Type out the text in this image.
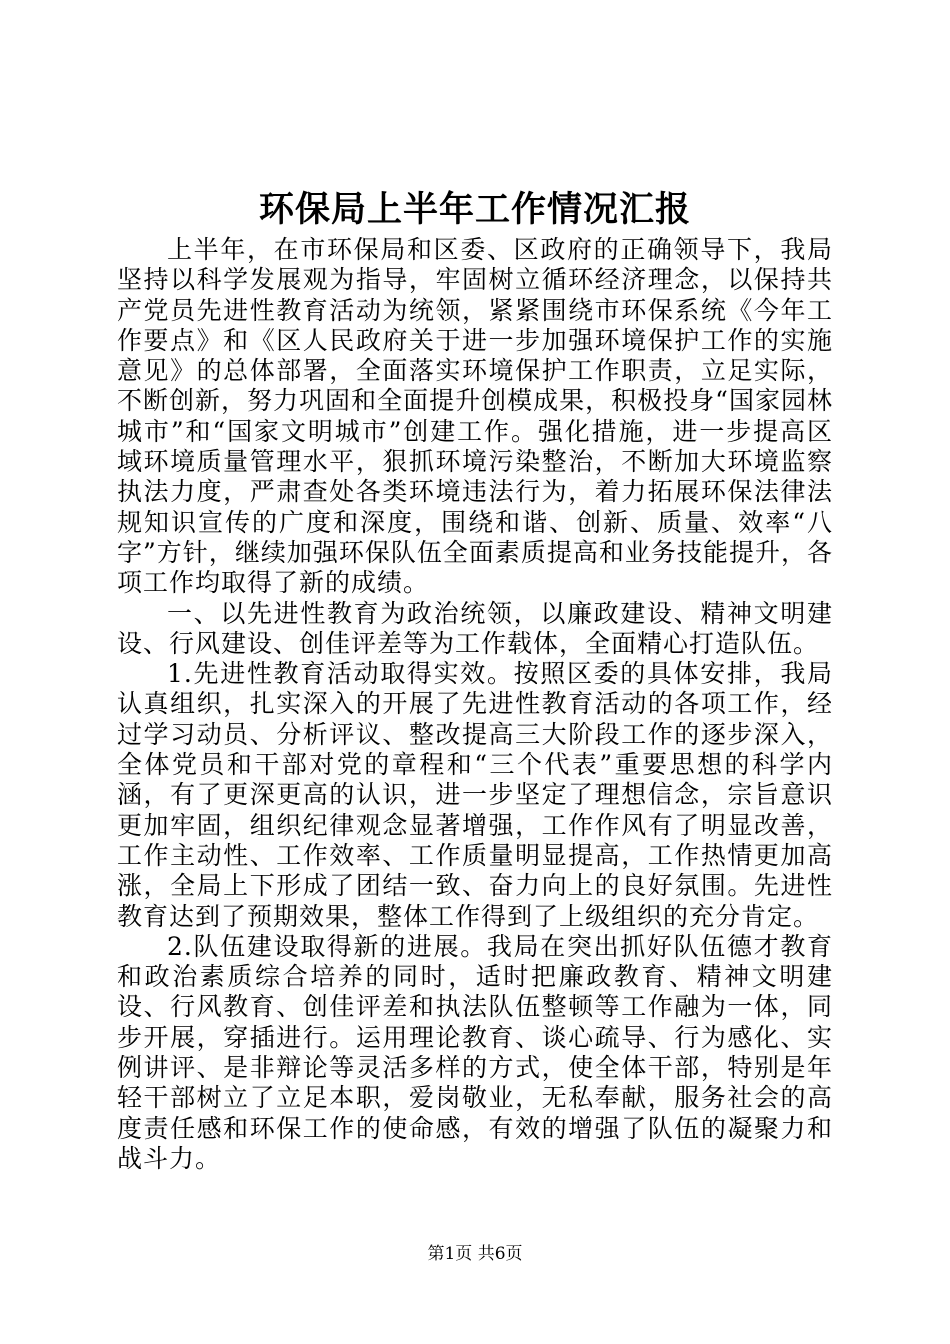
环保局上半年工作情况汇报

上半年，在市环保局和区委、区政府的正确领导下，我局坚持以科学发展观为指导，牢固树立循环经济理念，以保持共产党员先进性教育活动为统领，紧紧围绕市环保系统《今年工作要点》和《区人民政府关于进一步加强环境保护工作的实施意见》的总体部署，全面落实环境保护工作职责，立足实际，不断创新，努力巩固和全面提升创模成果，积极投身“国家园林城市”和“国家文明城市”创建工作。强化措施，进一步提高区域环境质量管理水平，狠抓环境污染整治，不断加大环境监察执法力度，严肃查处各类环境违法行为，着力拓展环保法律法规知识宣传的广度和深度，围绕和谐、创新、质量、效率“八字”方针，继续加强环保队伍全面素质提高和业务技能提升，各项工作均取得了新的成绩。

一、以先进性教育为政治统领，以廉政建设、精神文明建设、行风建设、创佳评差等为工作载体，全面精心打造队伍。

1.先进性教育活动取得实效。按照区委的具体安排，我局认真组织，扎实深入的开展了先进性教育活动的各项工作，经过学习动员、分析评议、整改提高三大阶段工作的逐步深入，全体党员和干部对党的章程和“三个代表”重要思想的科学内涵，有了更深更高的认识，进一步坚定了理想信念，宗旨意识更加牢固，组织纪律观念显著增强，工作作风有了明显改善，工作主动性、工作效率、工作质量明显提高，工作热情更加高涨，全局上下形成了团结一致、奋力向上的良好氛围。先进性教育达到了预期效果，整体工作得到了上级组织的充分肯定。

2.队伍建设取得新的进展。我局在突出抓好队伍德才教育和政治素质综合培养的同时，适时把廉政教育、精神文明建设、行风教育、创佳评差和执法队伍整顿等工作融为一体，同步开展，穿插进行。运用理论教育、谈心疏导、行为感化、实例讲评、是非辩论等灵活多样的方式，使全体干部，特别是年轻干部树立了立足本职，爱岗敬业，无私奉献，服务社会的高度责任感和环保工作的使命感，有效的增强了队伍的凝聚力和战斗力。

第1页 共6页
